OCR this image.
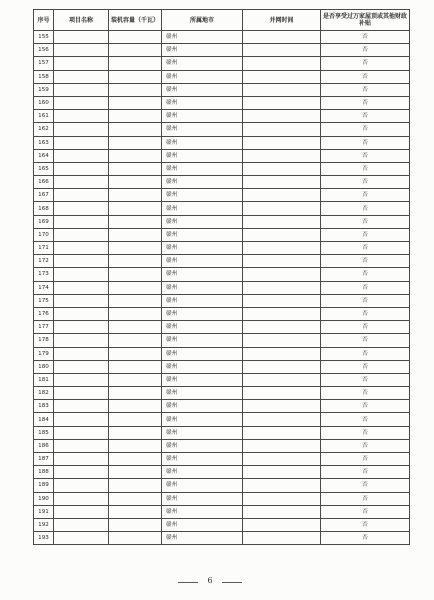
序号	项目名称	装机容量（千瓦）	所属地市	并网时间	是否享受过万家屋顶或其他财政补贴
155			赣州		否
156			赣州		否
157			赣州		否
158			赣州		否
159			赣州		否
160			赣州		否
161			赣州		否
162			赣州		否
163			赣州		否
164			赣州		否
165			赣州		否
166			赣州		否
167			赣州		否
168			赣州		否
169			赣州		否
170			赣州		否
171			赣州		否
172			赣州		否
173			赣州		否
174			赣州		否
175			赣州		否
176			赣州		否
177			赣州		否
178			赣州		否
179			赣州		否
180			赣州		否
181			赣州		否
182			赣州		否
183			赣州		否
184			赣州		否
185			赣州		否
186			赣州		否
187			赣州		否
188			赣州		否
189			赣州		否
190			赣州		否
191			赣州		否
192			赣州		否
193			赣州		否
6
